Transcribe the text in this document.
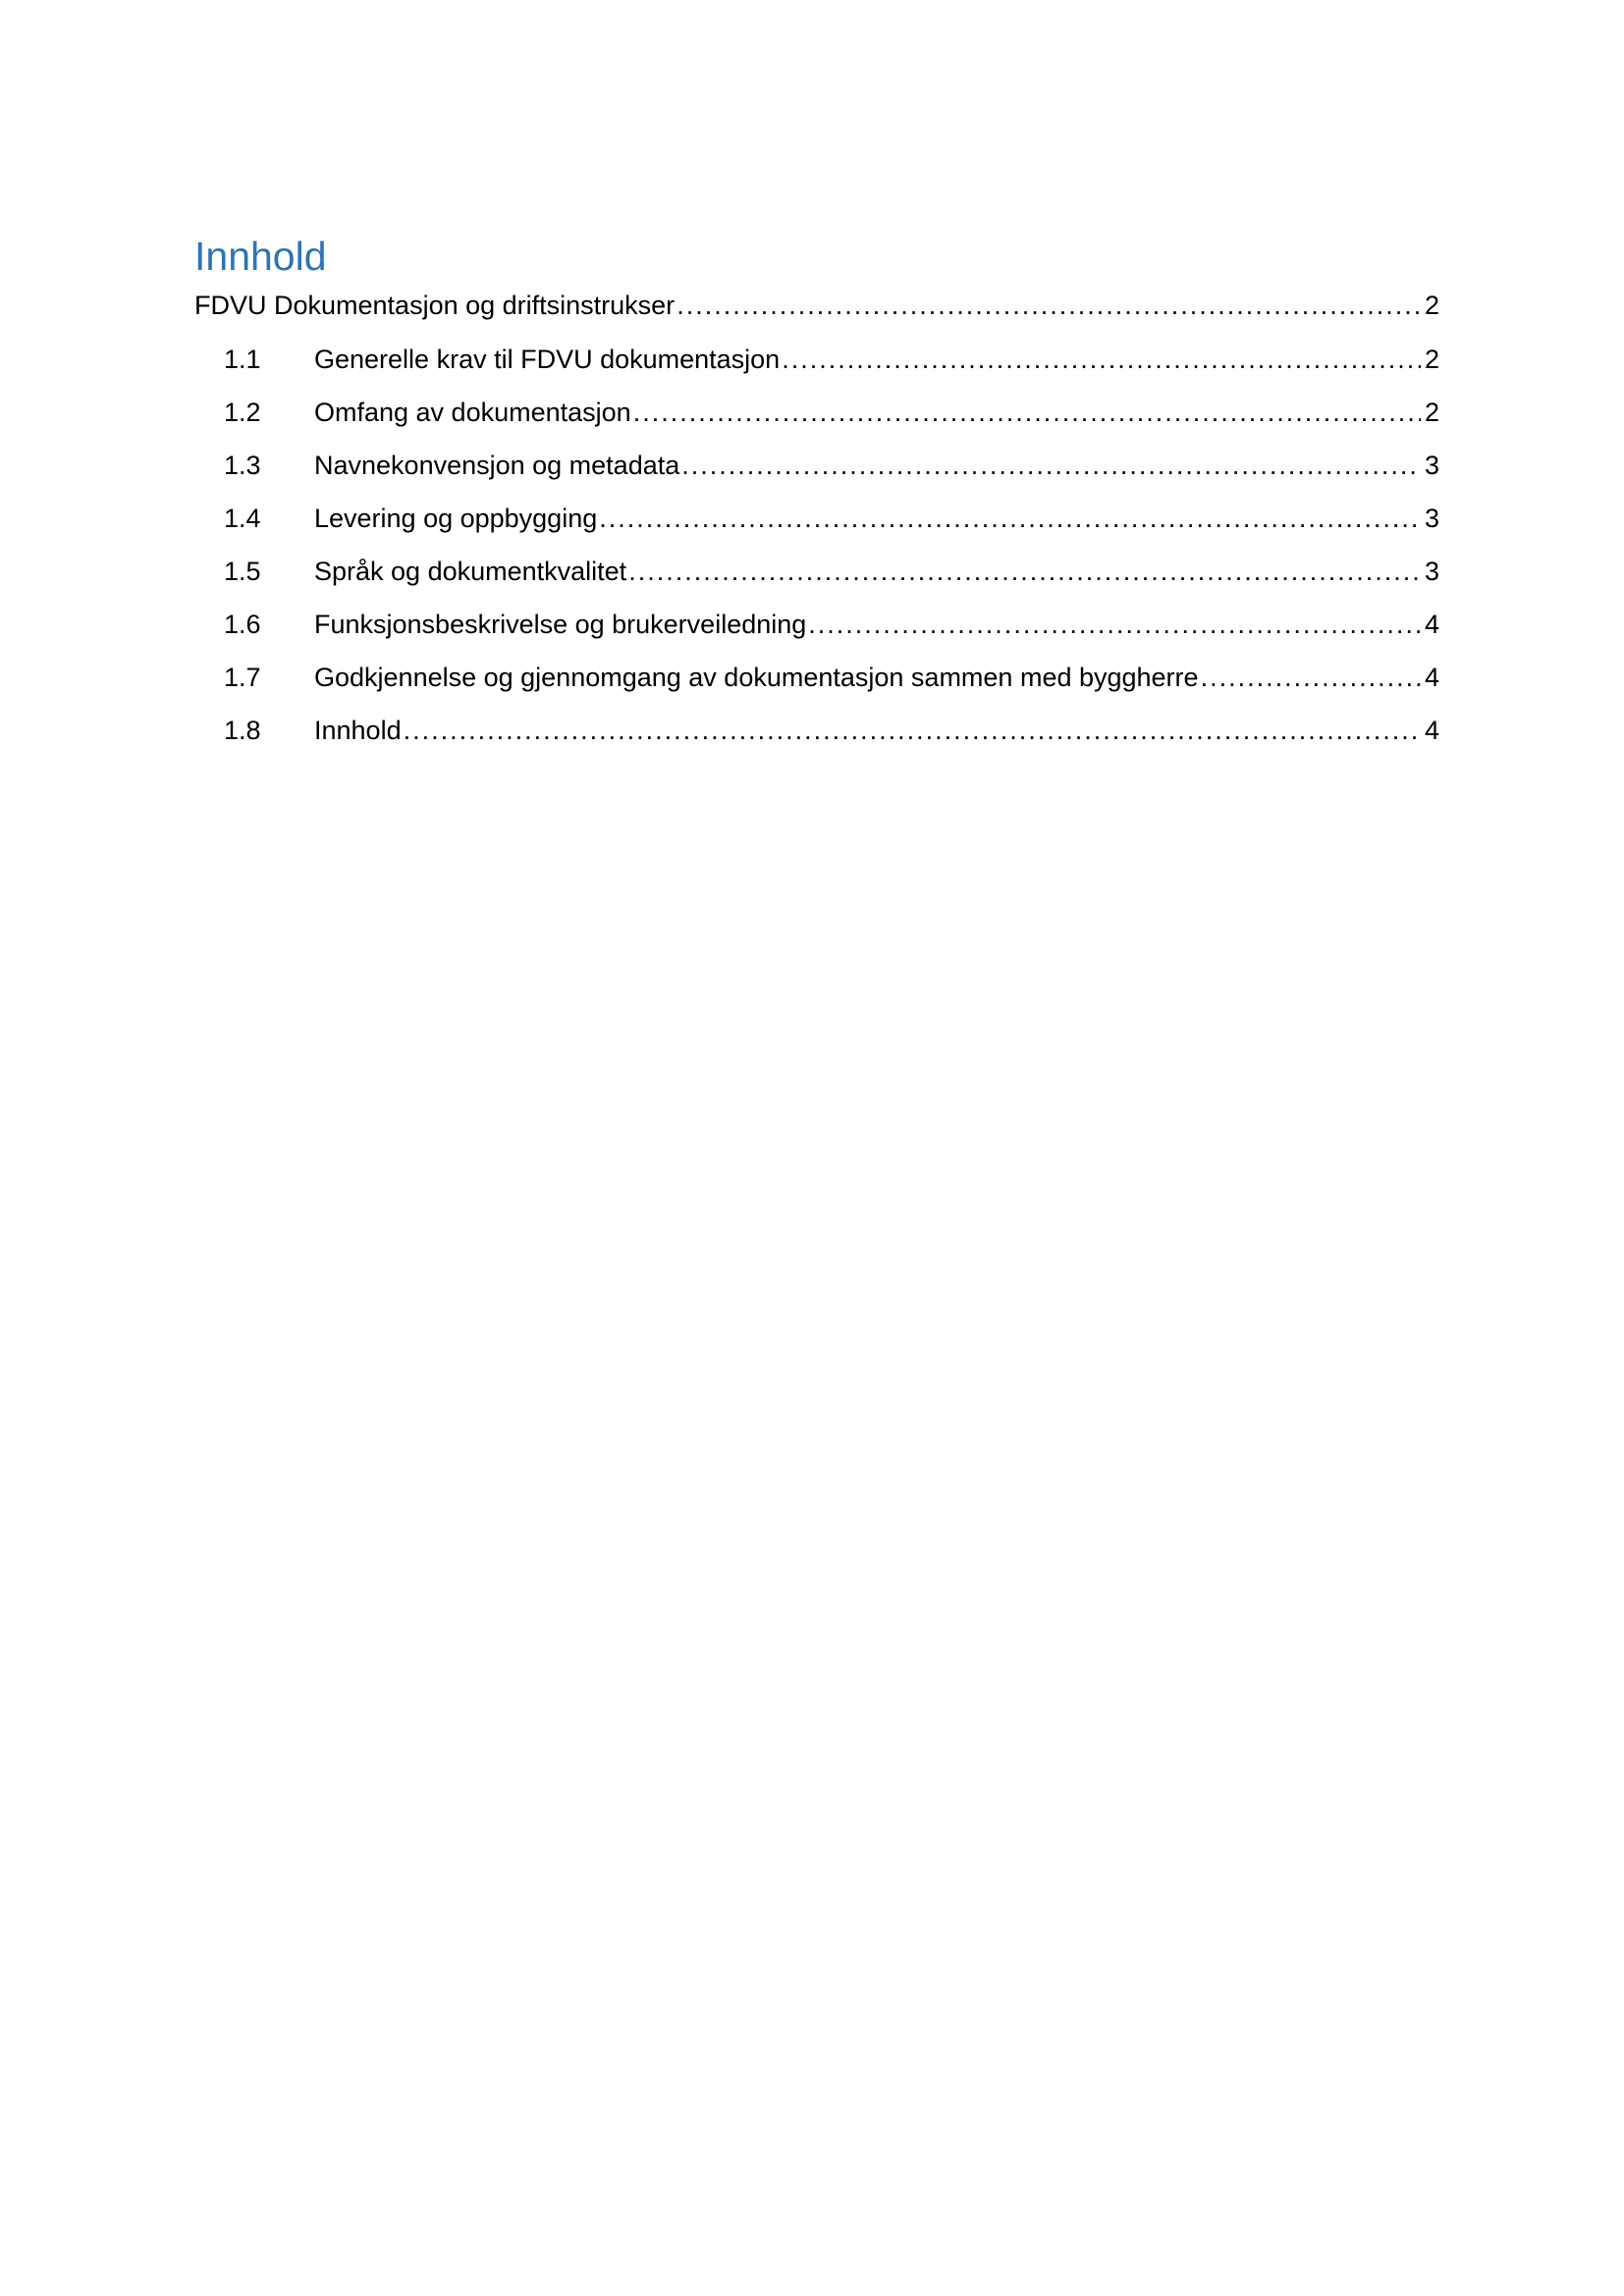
Innhold
FDVU Dokumentasjon og driftsinstrukser .....	2
1.1	Generelle krav til FDVU dokumentasjon .....	2
1.2	Omfang av dokumentasjon .....	2
1.3	Navnekonvensjon og metadata .....	3
1.4	Levering og oppbygging .....	3
1.5	Språk og dokumentkvalitet .....	3
1.6	Funksjonsbeskrivelse og brukerveiledning .....	4
1.7	Godkjennelse og gjennomgang av dokumentasjon sammen med byggherre .....	4
1.8	Innhold .....	4
